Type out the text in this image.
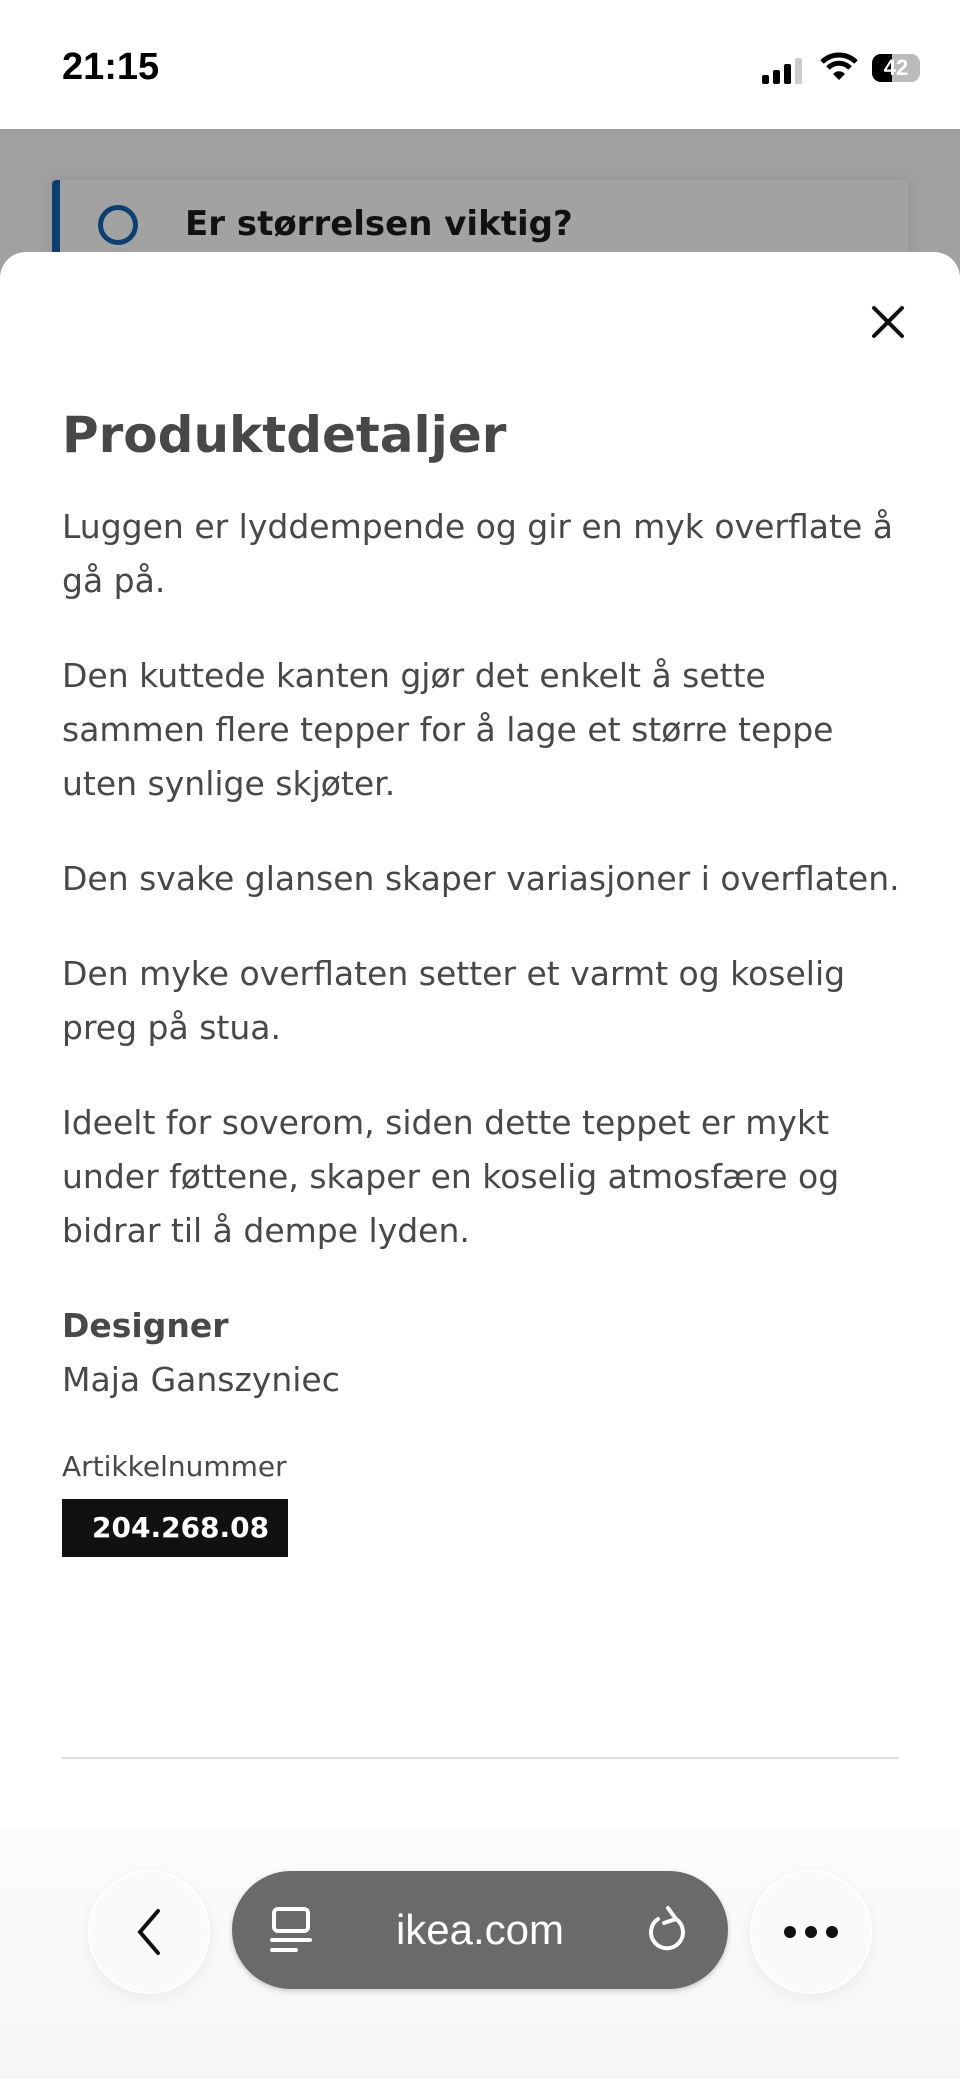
21:15	42
Er størrelsen viktig?
Produktdetaljer

Luggen er lyddempende og gir en myk overflate å gå på.

Den kuttede kanten gjør det enkelt å sette sammen flere tepper for å lage et større teppe uten synlige skjøter.

Den svake glansen skaper variasjoner i overflaten.

Den myke overflaten setter et varmt og koselig preg på stua.

Ideelt for soverom, siden dette teppet er mykt under føttene, skaper en koselig atmosfære og bidrar til å dempe lyden.

Designer
Maja Ganszyniec
Artikkelnummer
204.268.08
ikea.com
